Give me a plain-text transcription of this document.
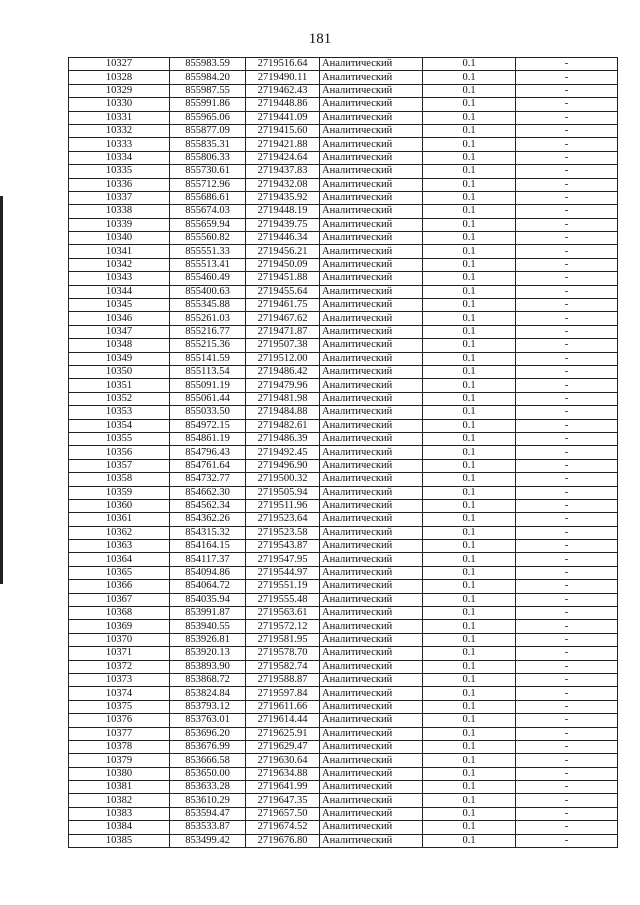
181
10327	855983.59	2719516.64	Аналитический	0.1	-
10328	855984.20	2719490.11	Аналитический	0.1	-
10329	855987.55	2719462.43	Аналитический	0.1	-
10330	855991.86	2719448.86	Аналитический	0.1	-
10331	855965.06	2719441.09	Аналитический	0.1	-
10332	855877.09	2719415.60	Аналитический	0.1	-
10333	855835.31	2719421.88	Аналитический	0.1	-
10334	855806.33	2719424.64	Аналитический	0.1	-
10335	855730.61	2719437.83	Аналитический	0.1	-
10336	855712.96	2719432.08	Аналитический	0.1	-
10337	855686.61	2719435.92	Аналитический	0.1	-
10338	855674.03	2719448.19	Аналитический	0.1	-
10339	855659.94	2719439.75	Аналитический	0.1	-
10340	855560.82	2719446.34	Аналитический	0.1	-
10341	855551.33	2719456.21	Аналитический	0.1	-
10342	855513.41	2719450.09	Аналитический	0.1	-
10343	855460.49	2719451.88	Аналитический	0.1	-
10344	855400.63	2719455.64	Аналитический	0.1	-
10345	855345.88	2719461.75	Аналитический	0.1	-
10346	855261.03	2719467.62	Аналитический	0.1	-
10347	855216.77	2719471.87	Аналитический	0.1	-
10348	855215.36	2719507.38	Аналитический	0.1	-
10349	855141.59	2719512.00	Аналитический	0.1	-
10350	855113.54	2719486.42	Аналитический	0.1	-
10351	855091.19	2719479.96	Аналитический	0.1	-
10352	855061.44	2719481.98	Аналитический	0.1	-
10353	855033.50	2719484.88	Аналитический	0.1	-
10354	854972.15	2719482.61	Аналитический	0.1	-
10355	854861.19	2719486.39	Аналитический	0.1	-
10356	854796.43	2719492.45	Аналитический	0.1	-
10357	854761.64	2719496.90	Аналитический	0.1	-
10358	854732.77	2719500.32	Аналитический	0.1	-
10359	854662.30	2719505.94	Аналитический	0.1	-
10360	854562.34	2719511.96	Аналитический	0.1	-
10361	854362.26	2719523.64	Аналитический	0.1	-
10362	854315.32	2719523.58	Аналитический	0.1	-
10363	854164.15	2719543.87	Аналитический	0.1	-
10364	854117.37	2719547.95	Аналитический	0.1	-
10365	854094.86	2719544.97	Аналитический	0.1	-
10366	854064.72	2719551.19	Аналитический	0.1	-
10367	854035.94	2719555.48	Аналитический	0.1	-
10368	853991.87	2719563.61	Аналитический	0.1	-
10369	853940.55	2719572.12	Аналитический	0.1	-
10370	853926.81	2719581.95	Аналитический	0.1	-
10371	853920.13	2719578.70	Аналитический	0.1	-
10372	853893.90	2719582.74	Аналитический	0.1	-
10373	853868.72	2719588.87	Аналитический	0.1	-
10374	853824.84	2719597.84	Аналитический	0.1	-
10375	853793.12	2719611.66	Аналитический	0.1	-
10376	853763.01	2719614.44	Аналитический	0.1	-
10377	853696.20	2719625.91	Аналитический	0.1	-
10378	853676.99	2719629.47	Аналитический	0.1	-
10379	853666.58	2719630.64	Аналитический	0.1	-
10380	853650.00	2719634.88	Аналитический	0.1	-
10381	853633.28	2719641.99	Аналитический	0.1	-
10382	853610.29	2719647.35	Аналитический	0.1	-
10383	853594.47	2719657.50	Аналитический	0.1	-
10384	853533.87	2719674.52	Аналитический	0.1	-
10385	853499.42	2719676.80	Аналитический	0.1	-
